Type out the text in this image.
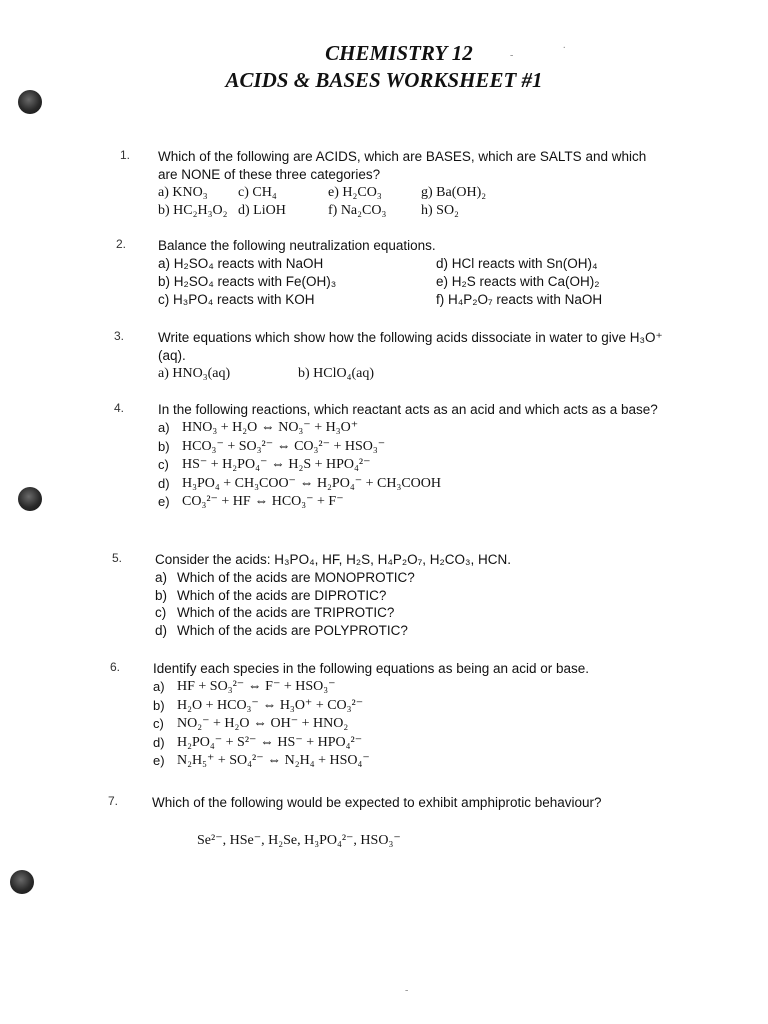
-
.
-
CHEMISTRY 12
ACIDS & BASES WORKSHEET #1
1. Which of the following are ACIDS, which are BASES, which are SALTS and which are NONE of these three categories?
a) KNO₃	c) CH₄	e) H₂CO₃	g) Ba(OH)₂
b) HC₂H₃O₂ d) LiOH	f) Na₂CO₃	h) SO₂
2. Balance the following neutralization equations.
a) H₂SO₄ reacts with NaOH	d) HCl reacts with Sn(OH)₄
b) H₂SO₄ reacts with Fe(OH)₃	e) H₂S reacts with Ca(OH)₂
c) H₃PO₄ reacts with KOH	f) H₄P₂O₇ reacts with NaOH
3.	Write equations which show how the following acids dissociate in water to give H₃O⁺ (aq).
a) HNO₃(aq)	b) HClO₄(aq)
4.	In the following reactions, which reactant acts as an acid and which acts as a base?
a) HNO₃ + H₂O ⇔ NO₃⁻ + H₃O⁺
b) HCO₃⁻ + SO₃²⁻ ⇔ CO₃²⁻ + HSO₃⁻
c) HS⁻ + H₂PO₄⁻ ⇔ H₂S + HPO₄²⁻
d) H₃PO₄ + CH₃COO⁻ ⇔ H₂PO₄⁻ + CH₃COOH
e) CO₃²⁻ + HF ⇔ HCO₃⁻ + F⁻
5. Consider the acids: H₃PO₄, HF, H₂S, H₄P₂O₇, H₂CO₃, HCN.
a) Which of the acids are MONOPROTIC?
b) Which of the acids are DIPROTIC?
c) Which of the acids are TRIPROTIC?
d) Which of the acids are POLYPROTIC?
6. Identify each species in the following equations as being an acid or base.
a) HF + SO₃²⁻ ⇔ F⁻ + HSO₃⁻
b) H₂O + HCO₃⁻ ⇔ H₃O⁺ + CO₃²⁻
c) NO₂⁻ + H₂O ⇔ OH⁻ + HNO₂
d) H₂PO₄⁻ + S²⁻ ⇔ HS⁻ + HPO₄²⁻
e) N₂H₅⁺ + SO₄²⁻ ⇔ N₂H₄ + HSO₄⁻
7.	Which of the following would be expected to exhibit amphiprotic behaviour?
Se²⁻, HSe⁻, H₂Se, H₃PO₄²⁻, HSO₃⁻
